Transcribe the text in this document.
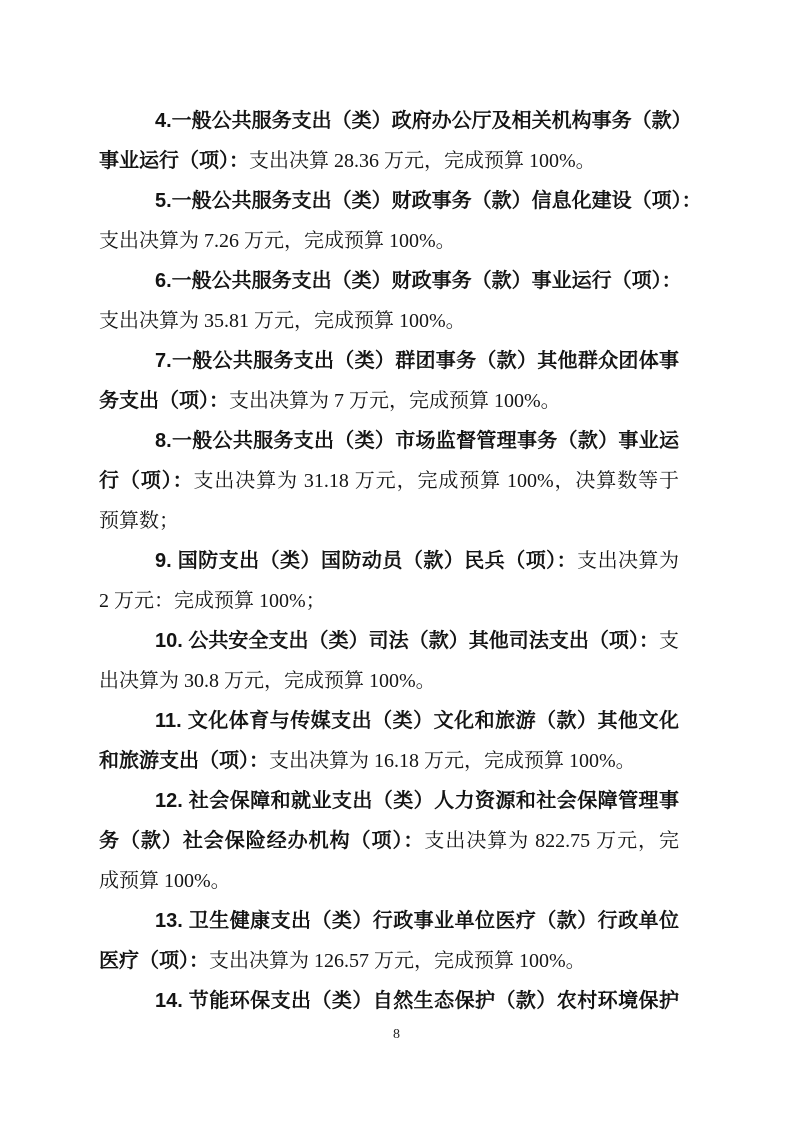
4.一般公共服务支出（类）政府办公厅及相关机构事务（款）
事业运行（项）：支出决算 28.36 万元，完成预算 100%。
5.一般公共服务支出（类）财政事务（款）信息化建设（项）：
支出决算为 7.26 万元，完成预算 100%。
6.一般公共服务支出（类）财政事务（款）事业运行（项）：
支出决算为 35.81 万元，完成预算 100%。
7.一般公共服务支出（类）群团事务（款）其他群众团体事
务支出（项）：支出决算为 7 万元，完成预算 100%。
8.一般公共服务支出（类）市场监督管理事务（款）事业运
行（项）：支出决算为 31.18 万元，完成预算 100%，决算数等于
预算数；
9. 国防支出（类）国防动员（款）民兵（项）：支出决算为
2 万元：完成预算 100%；
10. 公共安全支出（类）司法（款）其他司法支出（项）：支
出决算为 30.8 万元，完成预算 100%。
11. 文化体育与传媒支出（类）文化和旅游（款）其他文化
和旅游支出（项）：支出决算为 16.18 万元，完成预算 100%。
12. 社会保障和就业支出（类）人力资源和社会保障管理事
务（款）社会保险经办机构（项）：支出决算为 822.75 万元，完
成预算 100%。
13. 卫生健康支出（类）行政事业单位医疗（款）行政单位
医疗（项）：支出决算为 126.57 万元，完成预算 100%。
14. 节能环保支出（类）自然生态保护（款）农村环境保护
8
